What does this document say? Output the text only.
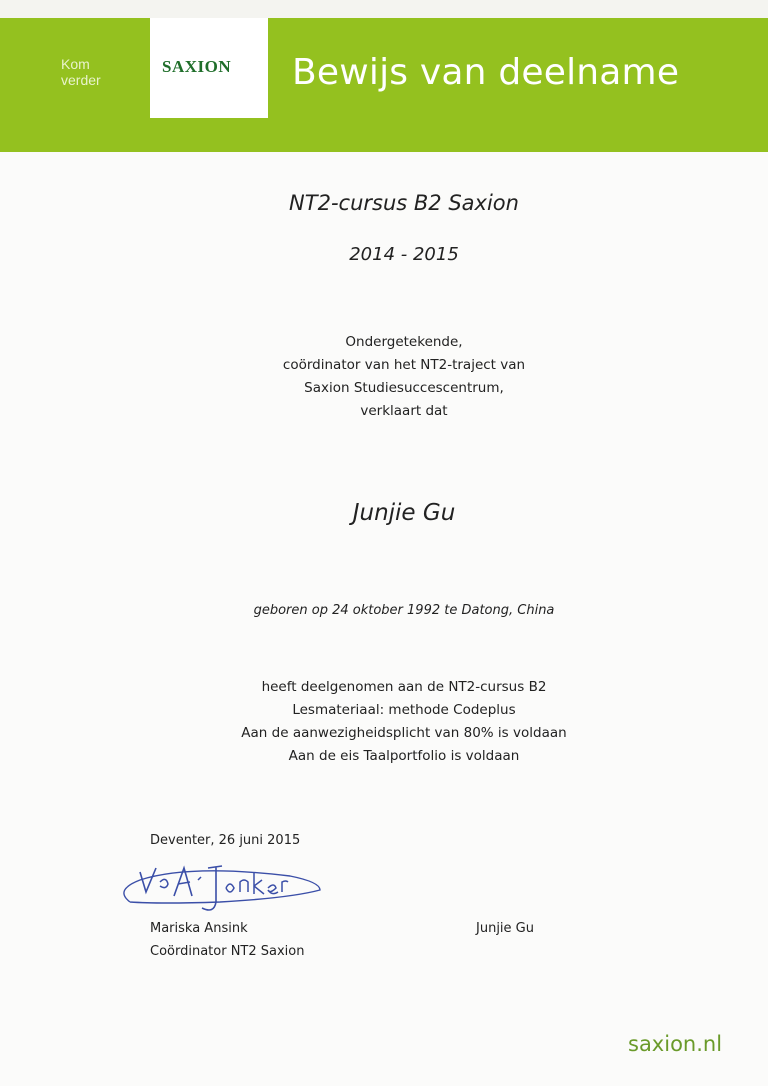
Kom
verder
SAXION	Bewijs van deelname
NT2-cursus B2 Saxion
2014 - 2015
Ondergetekende,
coördinator van het NT2-traject van
Saxion Studiesuccescentrum,
verklaart dat
Junjie Gu
geboren op 24 oktober 1992 te Datong, China
heeft deelgenomen aan de NT2-cursus B2
Lesmateriaal: methode Codeplus
Aan de aanwezigheidsplicht van 80% is voldaan
Aan de eis Taalportfolio is voldaan
Deventer, 26 juni 2015
Mariska Ansink
Coördinator NT2 Saxion
Junjie Gu
saxion.nl
